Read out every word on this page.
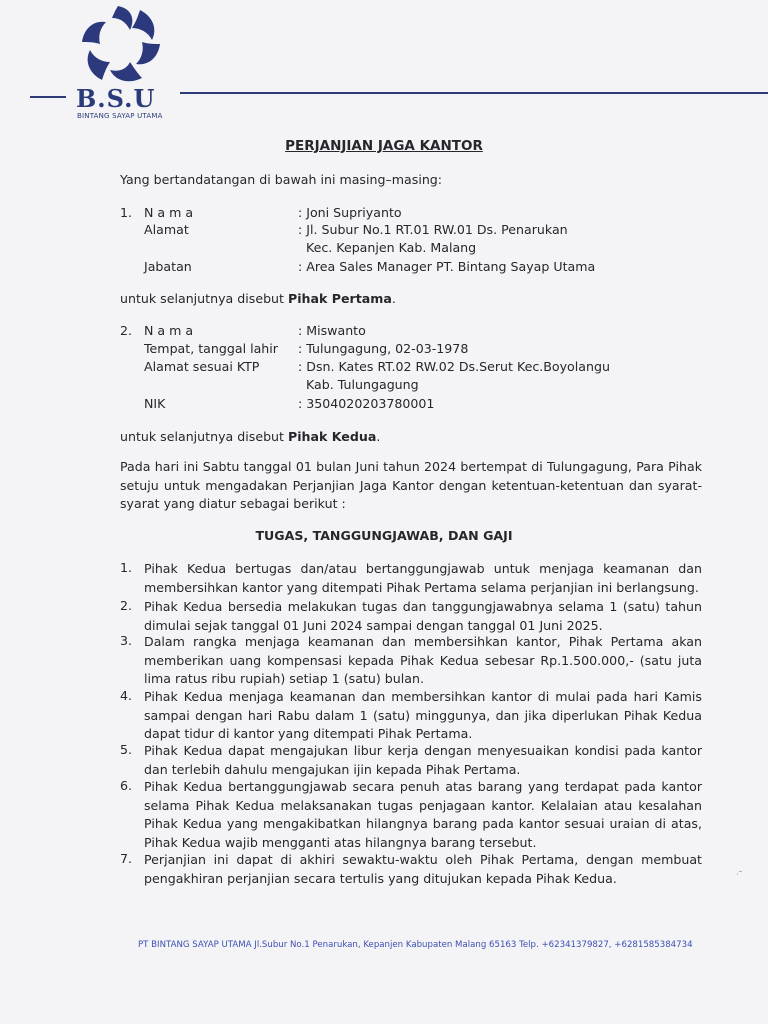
B.S.U
BINTANG SAYAP UTAMA
PERJANJIAN JAGA KANTOR
Yang bertandatangan di bawah ini masing–masing:
1. N a m a	: Joni Supriyanto
Alamat	: Jl. Subur No.1 RT.01 RW.01 Ds. Penarukan
Kec. Kepanjen Kab. Malang
Jabatan	: Area Sales Manager PT. Bintang Sayap Utama
untuk selanjutnya disebut Pihak Pertama.
2. N a m a	: Miswanto
Tempat, tanggal lahir : Tulungagung, 02-03-1978
Alamat sesuai KTP	: Dsn. Kates RT.02 RW.02 Ds.Serut Kec.Boyolangu
Kab. Tulungagung
NIK	: 3504020203780001
untuk selanjutnya disebut Pihak Kedua.
Pada hari ini Sabtu tanggal 01 bulan Juni tahun 2024 bertempat di Tulungagung, Para Pihak setuju untuk mengadakan Perjanjian Jaga Kantor dengan ketentuan-ketentuan dan syarat-syarat yang diatur sebagai berikut :
TUGAS, TANGGUNGJAWAB, DAN GAJI
1. Pihak Kedua bertugas dan/atau bertanggungjawab untuk menjaga keamanan dan membersihkan kantor yang ditempati Pihak Pertama selama perjanjian ini berlangsung.
2. Pihak Kedua bersedia melakukan tugas dan tanggungjawabnya selama 1 (satu) tahun dimulai sejak tanggal 01 Juni 2024 sampai dengan tanggal 01 Juni 2025.
3. Dalam rangka menjaga keamanan dan membersihkan kantor, Pihak Pertama akan memberikan uang kompensasi kepada Pihak Kedua sebesar Rp.1.500.000,- (satu juta lima ratus ribu rupiah) setiap 1 (satu) bulan.
4. Pihak Kedua menjaga keamanan dan membersihkan kantor di mulai pada hari Kamis sampai dengan hari Rabu dalam 1 (satu) minggunya, dan jika diperlukan Pihak Kedua dapat tidur di kantor yang ditempati Pihak Pertama.
5. Pihak Kedua dapat mengajukan libur kerja dengan menyesuaikan kondisi pada kantor dan terlebih dahulu mengajukan ijin kepada Pihak Pertama.
6. Pihak Kedua bertanggungjawab secara penuh atas barang yang terdapat pada kantor selama Pihak Kedua melaksanakan tugas penjagaan kantor. Kelalaian atau kesalahan Pihak Kedua yang mengakibatkan hilangnya barang pada kantor sesuai uraian di atas, Pihak Kedua wajib mengganti atas hilangnya barang tersebut.
7. Perjanjian ini dapat di akhiri sewaktu-waktu oleh Pihak Pertama, dengan membuat pengakhiran perjanjian secara tertulis yang ditujukan kepada Pihak Kedua.	·˜
PT BINTANG SAYAP UTAMA Jl.Subur No.1 Penarukan, Kepanjen Kabupaten Malang 65163 Telp. +62341379827, +6281585384734
